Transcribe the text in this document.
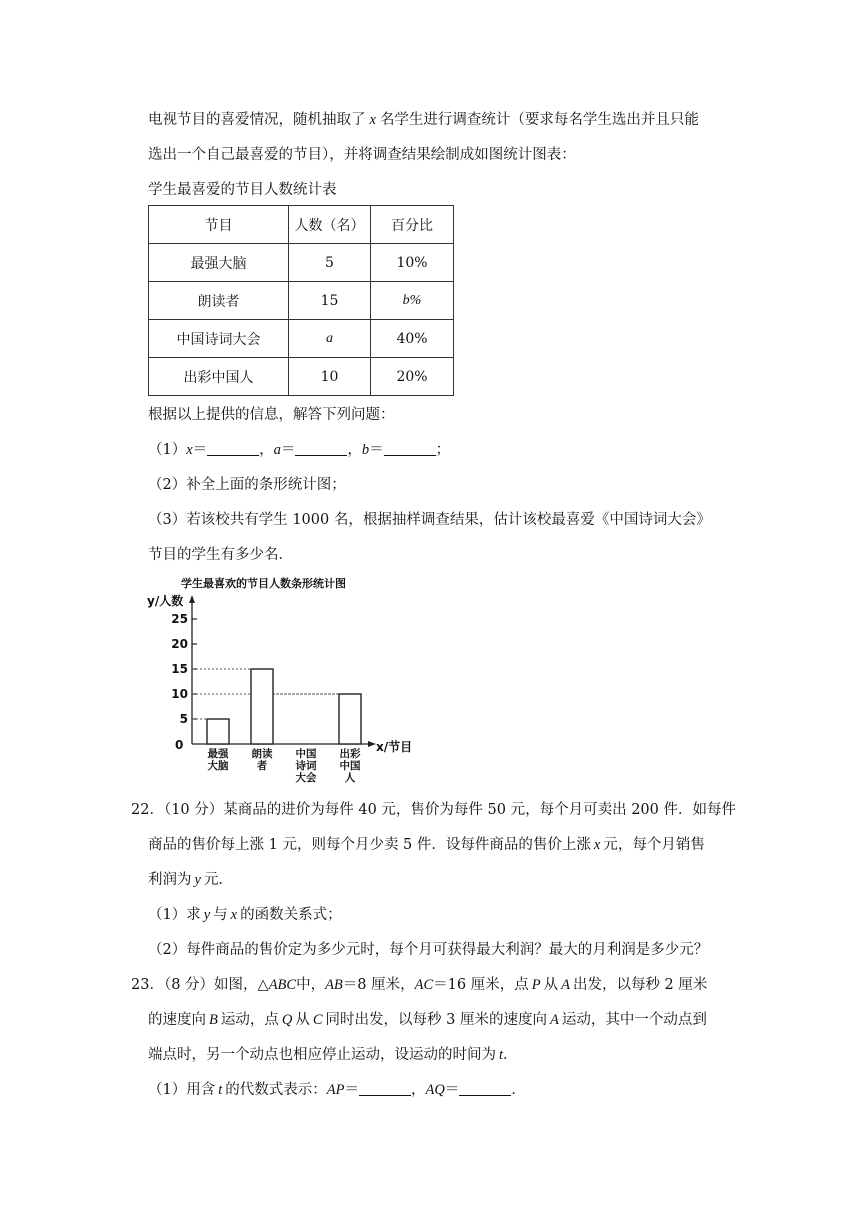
电视节目的喜爱情况，随机抽取了 x 名学生进行调查统计（要求每名学生选出并且只能
选出一个自己最喜爱的节目），并将调查结果绘制成如图统计图表：
学生最喜爱的节目人数统计表
节目	人数（名）	百分比
最强大脑	5	10%
朗读者	15	b%
中国诗词大会	a	40%
出彩中国人	10	20%
根据以上提供的信息，解答下列问题：
（1）x＝	，a＝	，b＝	；
（2）补全上面的条形统计图；
（3）若该校共有学生 1000 名，根据抽样调查结果，估计该校最喜爱《中国诗词大会》
节目的学生有多少名．
学生最喜欢的节目人数条形统计图
y/人数
x/节目
0
5
10
15
20
25
最强
大脑
朗读
者
中国
诗词
大会
出彩
中国
人
22．（10 分）某商品的进价为每件 40 元，售价为每件 50 元，每个月可卖出 200 件．如每件
商品的售价每上涨 1 元，则每个月少卖 5 件．设每件商品的售价上涨 x 元，每个月销售
利润为 y 元．
（1）求 y 与 x 的函数关系式；
（2）每件商品的售价定为多少元时，每个月可获得最大利润？最大的月利润是多少元？
23．（8 分）如图，△ABC中，AB＝8 厘米，AC＝16 厘米，点 P 从 A 出发，以每秒 2 厘米
的速度向 B 运动，点 Q 从 C 同时出发，以每秒 3 厘米的速度向 A 运动，其中一个动点到
端点时，另一个动点也相应停止运动，设运动的时间为 t．
（1）用含 t 的代数式表示：AP＝	，AQ＝	．
